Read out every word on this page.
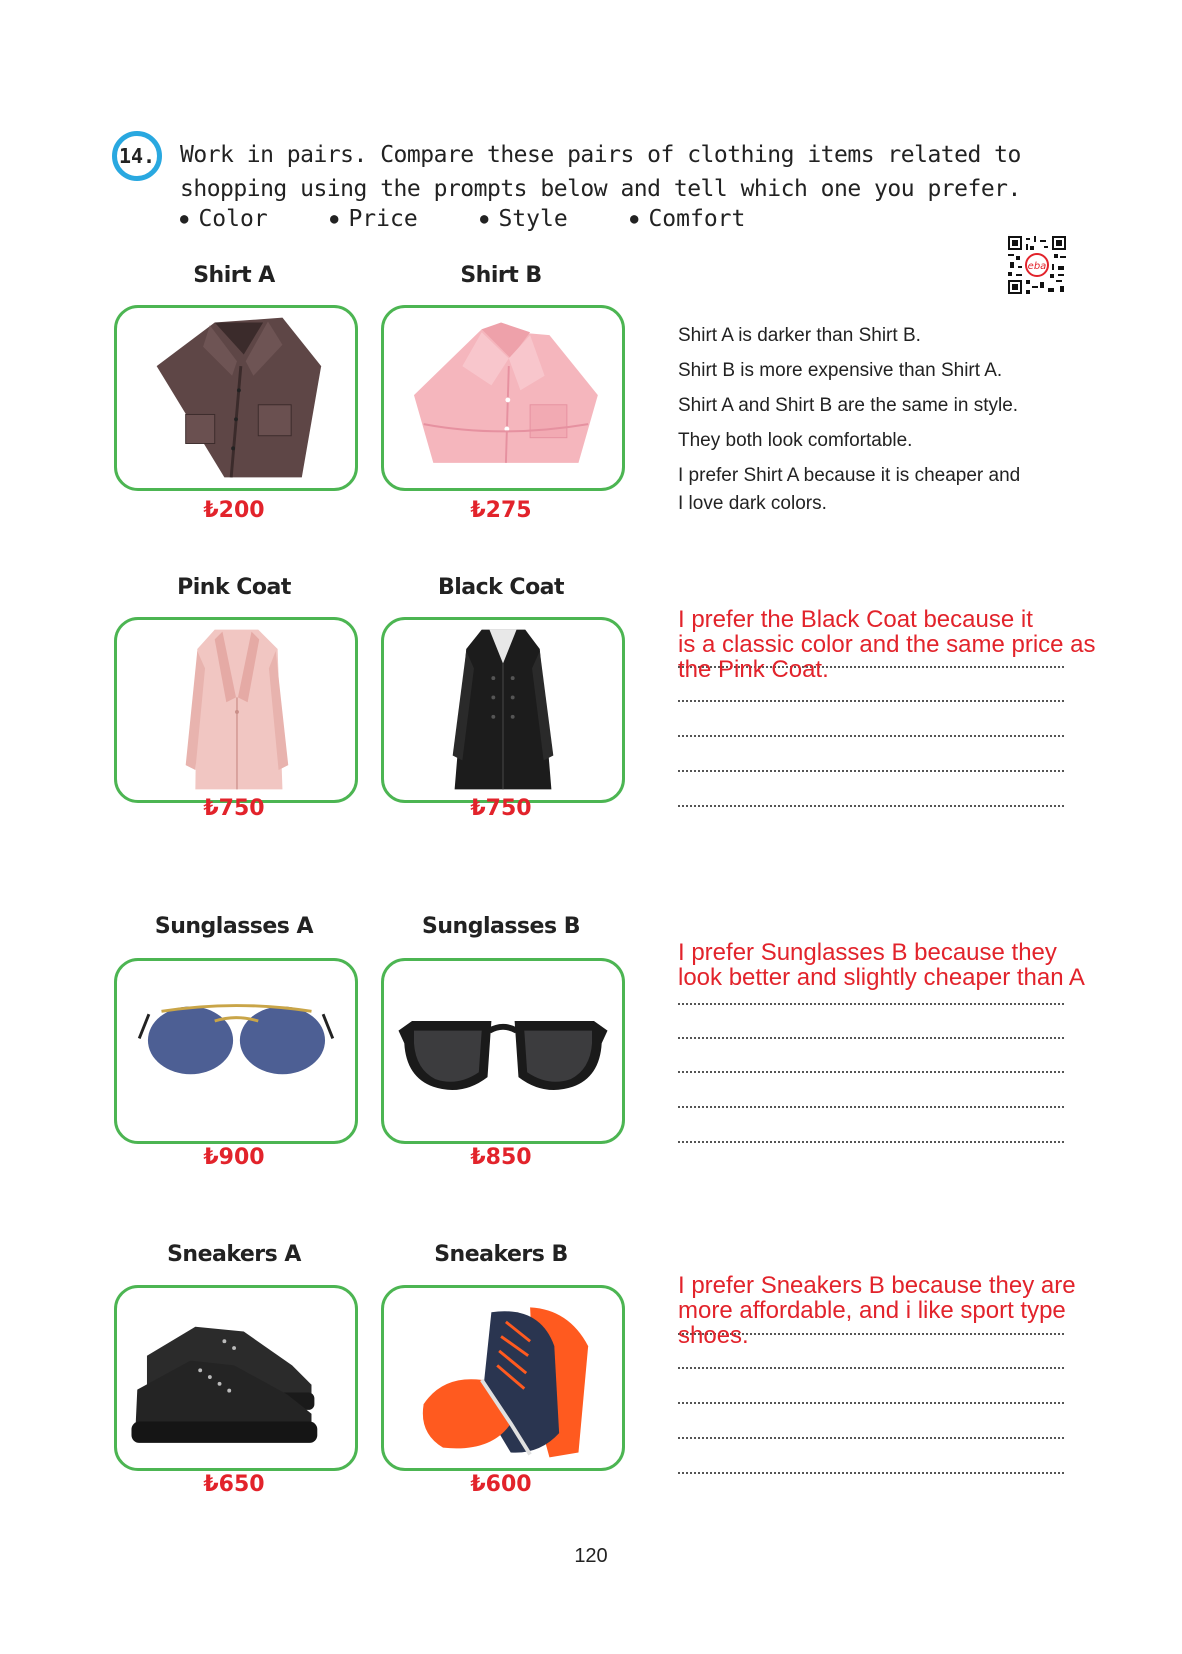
14.	Work in pairs. Compare these pairs of clothing items related to shopping using the prompts below and tell which one you prefer.
● Color	● Price	● Style	● Comfort
eba
Shirt A	Shirt B
₺200	₺275
Shirt A is darker than Shirt B.
Shirt B is more expensive than Shirt A.
Shirt A and Shirt B are the same in style.
They both look comfortable.
I prefer Shirt A because it is cheaper and
I love dark colors.
Pink Coat	Black Coat
₺750	₺750
I prefer the Black Coat because it
is a classic color and the same price as
the Pink Coat.
Sunglasses A	Sunglasses B
₺900	₺850
I prefer Sunglasses B because they
look better and slightly cheaper than A
Sneakers A	Sneakers B
₺650	₺600
I prefer Sneakers B because they are
more affordable, and i like sport type
shoes.
120
